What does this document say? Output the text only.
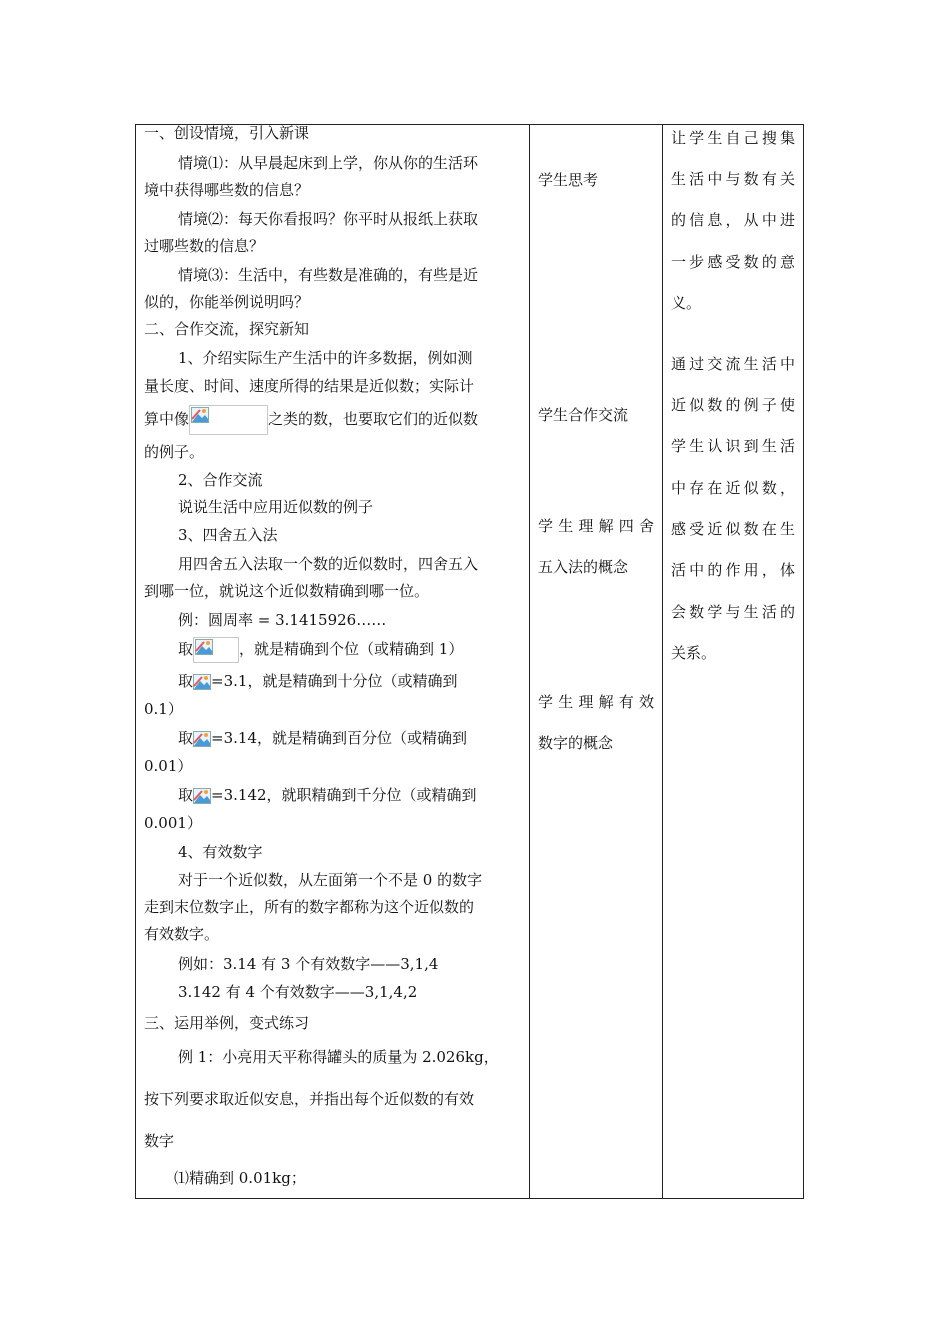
一、创设情境，引入新课
情境⑴：从早晨起床到上学，你从你的生活环
境中获得哪些数的信息？
情境⑵：每天你看报吗？你平时从报纸上获取
过哪些数的信息？
情境⑶：生活中，有些数是准确的，有些是近
似的，你能举例说明吗？
二、合作交流，探究新知
1、介绍实际生产生活中的许多数据，例如测
量长度、时间、速度所得的结果是近似数；实际计
算中像	之类的数，也要取它们的近似数
的例子。
2、合作交流
说说生活中应用近似数的例子
3、四舍五入法
用四舍五入法取一个数的近似数时，四舍五入
到哪一位，就说这个近似数精确到哪一位。
例：圆周率 = 3.1415926……
取	，就是精确到个位（或精确到 1）
取 =3.1，就是精确到十分位（或精确到
0.1）
取 =3.14，就是精确到百分位（或精确到
0.01）
取 =3.142，就职精确到千分位（或精确到
0.001）
4、有效数字
对于一个近似数，从左面第一个不是 0 的数字
走到末位数字止，所有的数字都称为这个近似数的
有效数字。
例如：3.14 有 3 个有效数字——3,1,4
3.142 有 4 个有效数字——3,1,4,2
三、运用举例，变式练习
例 1：小亮用天平称得罐头的质量为 2.026kg，
按下列要求取近似安息，并指出每个近似数的有效
数字
⑴精确到 0.01kg；
学生思考
学生合作交流
学生理解四舍
五入法的概念
学生理解有效
数字的概念
让学生自己搜集
生活中与数有关
的信息，从中进
一步感受数的意
义。
通过交流生活中
近似数的例子使
学生认识到生活
中存在近似数，
感受近似数在生
活中的作用，体
会数学与生活的
关系。
